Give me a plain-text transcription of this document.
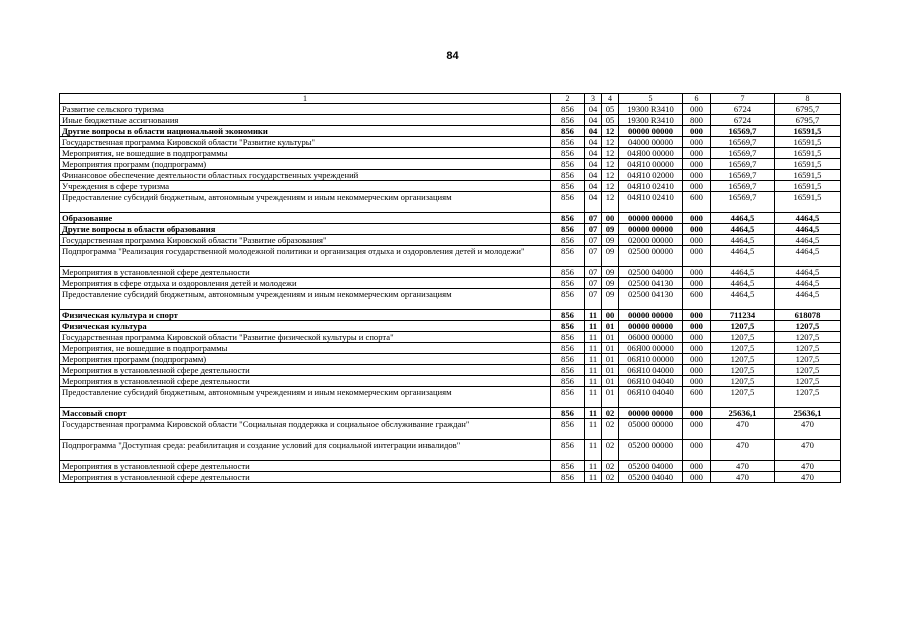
84
1	2	3	4	5	6	7	8
Развитие сельского туризма	856	04	05	19300 R3410	000	6724	6795,7
Иные бюджетные ассигнования	856	04	05	19300 R3410	800	6724	6795,7
Другие вопросы в области национальной экономики	856	04	12	00000 00000	000	16569,7	16591,5
Государственная программа Кировской области "Развитие культуры"	856	04	12	04000 00000	000	16569,7	16591,5
Мероприятия, не вошедшие в подпрограммы	856	04	12	04Я00 00000	000	16569,7	16591,5
Мероприятия программ (подпрограмм)	856	04	12	04Я10 00000	000	16569,7	16591,5
Финансовое обеспечение деятельности областных государственных учреждений	856	04	12	04Я10 02000	000	16569,7	16591,5
Учреждения в сфере туризма	856	04	12	04Я10 02410	000	16569,7	16591,5
Предоставление субсидий бюджетным, автономным учреждениям и иным некоммерческим организациям	856	04	12	04Я10 02410	600	16569,7	16591,5
Образование	856	07	00	00000 00000	000	4464,5	4464,5
Другие вопросы в области образования	856	07	09	00000 00000	000	4464,5	4464,5
Государственная программа Кировской области "Развитие образования"	856	07	09	02000 00000	000	4464,5	4464,5
Подпрограмма "Реализация государственной молодежной политики и организация отдыха и оздоровления детей и молодежи"	856	07	09	02500 00000	000	4464,5	4464,5
Мероприятия в установленной сфере деятельности	856	07	09	02500 04000	000	4464,5	4464,5
Мероприятия в сфере отдыха и оздоровления детей и молодежи	856	07	09	02500 04130	000	4464,5	4464,5
Предоставление субсидий бюджетным, автономным учреждениям и иным некоммерческим организациям	856	07	09	02500 04130	600	4464,5	4464,5
Физическая культура и спорт	856	11	00	00000 00000	000	711234	618078
Физическая культура	856	11	01	00000 00000	000	1207,5	1207,5
Государственная программа Кировской области "Развитие физической культуры и спорта"	856	11	01	06000 00000	000	1207,5	1207,5
Мероприятия, не вошедшие в подпрограммы	856	11	01	06Я00 00000	000	1207,5	1207,5
Мероприятия программ (подпрограмм)	856	11	01	06Я10 00000	000	1207,5	1207,5
Мероприятия в установленной сфере деятельности	856	11	01	06Я10 04000	000	1207,5	1207,5
Мероприятия в установленной сфере деятельности	856	11	01	06Я10 04040	000	1207,5	1207,5
Предоставление субсидий бюджетным, автономным учреждениям и иным некоммерческим организациям	856	11	01	06Я10 04040	600	1207,5	1207,5
Массовый спорт	856	11	02	00000 00000	000	25636,1	25636,1
Государственная программа Кировской области "Социальная поддержка и социальное обслуживание граждан"	856	11	02	05000 00000	000	470	470
Подпрограмма "Доступная среда: реабилитация и создание условий для социальной интеграции инвалидов"	856	11	02	05200 00000	000	470	470
Мероприятия в установленной сфере деятельности	856	11	02	05200 04000	000	470	470
Мероприятия в установленной сфере деятельности	856	11	02	05200 04040	000	470	470
